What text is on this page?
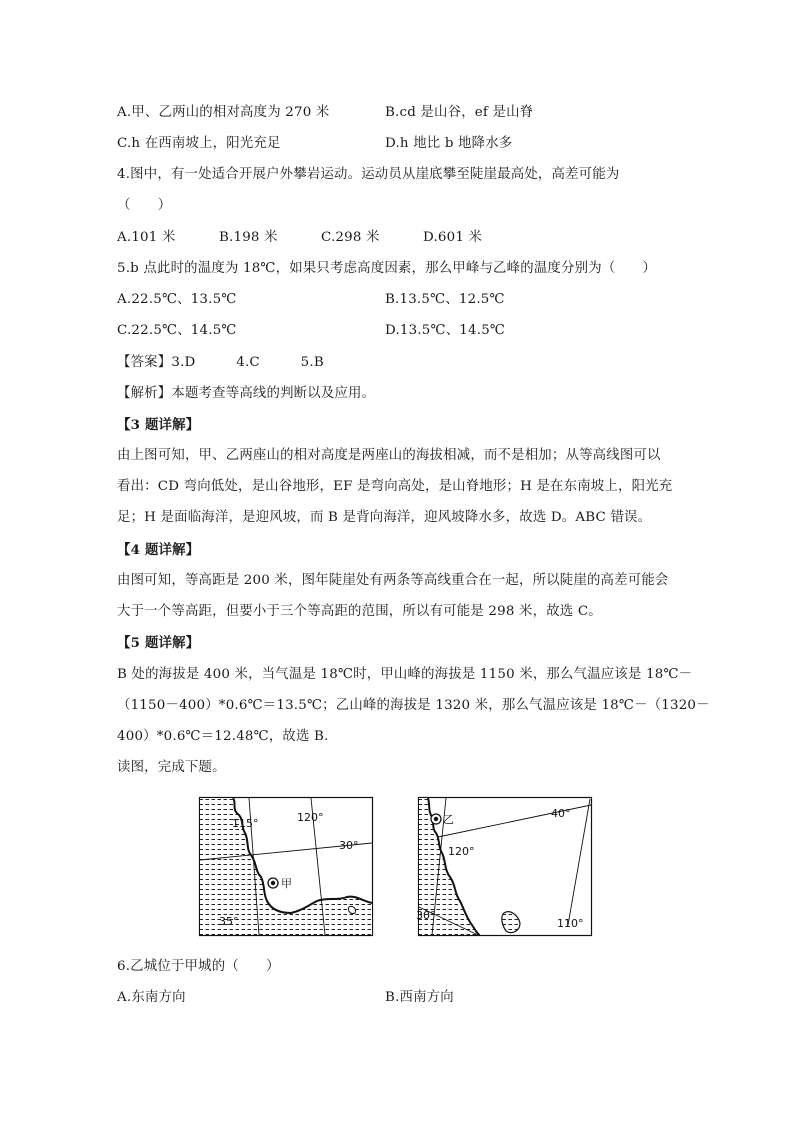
A.甲、乙两山的相对高度为 270 米	B.cd 是山谷，ef 是山脊
C.h 在西南坡上，阳光充足	D.h 地比 b 地降水多
4.图中，有一处适合开展户外攀岩运动。运动员从崖底攀至陡崖最高处，高差可能为
（　　）
A.101 米	B.198 米	C.298 米	D.601 米
5.b 点此时的温度为 18℃，如果只考虑高度因素，那么甲峰与乙峰的温度分别为（　　）
A.22.5℃、13.5℃	B.13.5℃、12.5℃
C.22.5℃、14.5℃	D.13.5℃、14.5℃
【答案】3.D　　　4.C　　　5.B
【解析】本题考查等高线的判断以及应用。
【3 题详解】
由上图可知，甲、乙两座山的相对高度是两座山的海拔相减，而不是相加；从等高线图可以
看出：CD 弯向低处，是山谷地形，EF 是弯向高处，是山脊地形；H 是在东南坡上，阳光充
足；H 是面临海洋，是迎风坡，而 B 是背向海洋，迎风坡降水多，故选 D。ABC 错误。
【4 题详解】
由图可知，等高距是 200 米，图年陡崖处有两条等高线重合在一起，所以陡崖的高差可能会
大于一个等高距，但要小于三个等高距的范围，所以有可能是 298 米，故选 C。
【5 题详解】
B 处的海拔是 400 米，当气温是 18℃时，甲山峰的海拔是 1150 米，那么气温应该是 18℃－
（1150－400）*0.6℃＝13.5℃；乙山峰的海拔是 1320 米，那么气温应该是 18℃－（1320－
400）*0.6℃＝12.48℃，故选 B.
读图，完成下题。
甲
115°	120°
30°
35°
乙	40°
120°
30°
110°
6.乙城位于甲城的（　　）
A.东南方向	B.西南方向
